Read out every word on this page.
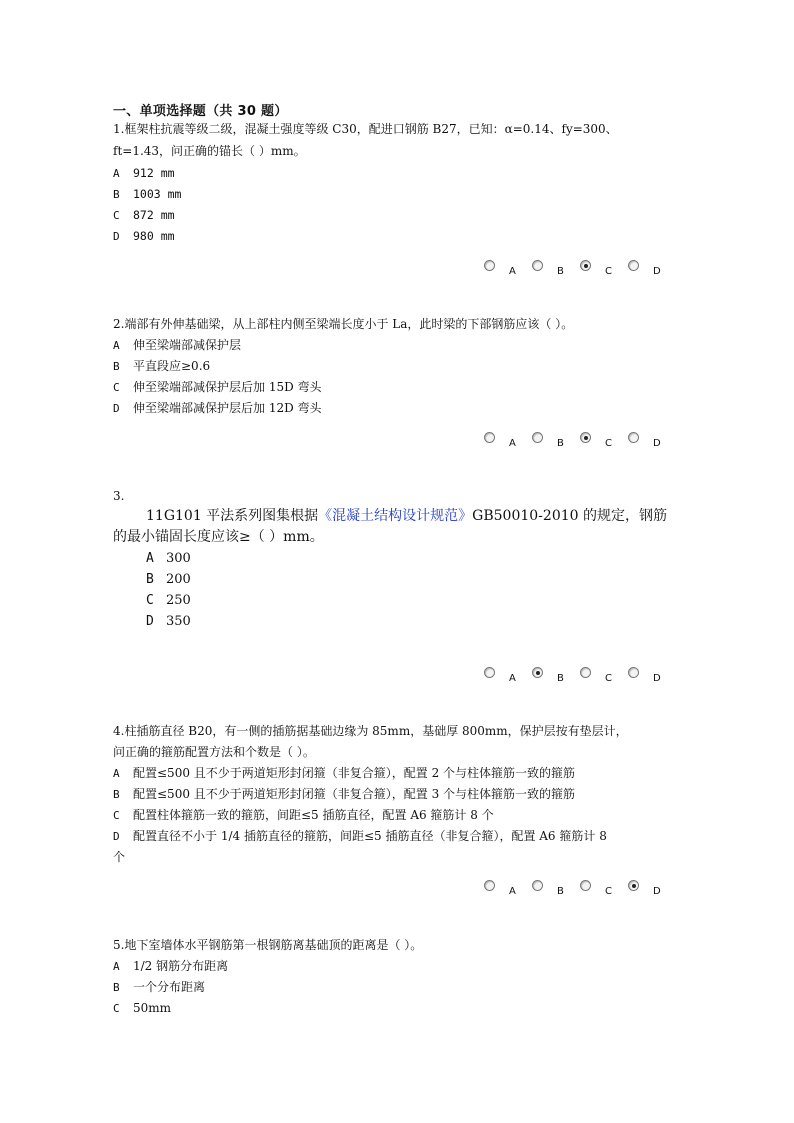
一、单项选择题（共 30 题）
1.框架柱抗震等级二级，混凝土强度等级 C30，配进口钢筋 B27，已知：α=0.14、fy=300、
ft=1.43，问正确的锚长（ ）mm。
A 912 mm
B 1003 mm
C 872 mm
D 980 mm
A	B	C	D
2.端部有外伸基础梁，从上部柱内侧至梁端长度小于 La，此时梁的下部钢筋应该（ ）。
A 伸至梁端部减保护层
B 平直段应≥0.6
C 伸至梁端部减保护层后加 15D 弯头
D 伸至梁端部减保护层后加 12D 弯头
A	B	C	D
3.
11G101 平法系列图集根据《混凝土结构设计规范》GB50010-2010 的规定，钢筋
的最小锚固长度应该≥（ ）mm。
A 300
B 200
C 250
D 350
A	B	C	D
4.柱插筋直径 B20，有一侧的插筋据基础边缘为 85mm，基础厚 800mm，保护层按有垫层计，
问正确的箍筋配置方法和个数是（ ）。
A 配置≤500 且不少于两道矩形封闭箍（非复合箍），配置 2 个与柱体箍筋一致的箍筋
B 配置≤500 且不少于两道矩形封闭箍（非复合箍），配置 3 个与柱体箍筋一致的箍筋
C 配置柱体箍筋一致的箍筋，间距≤5 插筋直径，配置 A6 箍筋计 8 个
D 配置直径不小于 1/4 插筋直径的箍筋，间距≤5 插筋直径（非复合箍），配置 A6 箍筋计 8
个
A	B	C	D
5.地下室墙体水平钢筋第一根钢筋离基础顶的距离是（ ）。
A 1/2 钢筋分布距离
B 一个分布距离
C 50mm
